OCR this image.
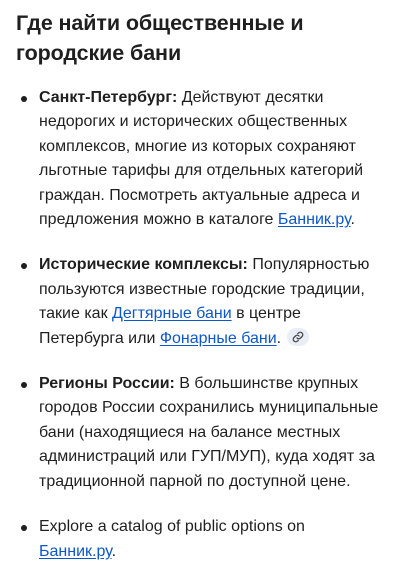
Где найти общественные и городские бани
Санкт-Петербург: Действуют десятки недорогих и исторических общественных комплексов, многие из которых сохраняют льготные тарифы для отдельных категорий граждан. Посмотреть актуальные адреса и предложения можно в каталоге Банник.ру.
Исторические комплексы: Популярностью пользуются известные городские традиции, такие как Дегтярные бани в центре Петербурга или Фонарные бани.
Регионы России: В большинстве крупных городов России сохранились муниципальные бани (находящиеся на балансе местных администраций или ГУП/МУП), куда ходят за традиционной парной по доступной цене.
Explore a catalog of public options on Банник.ру.
